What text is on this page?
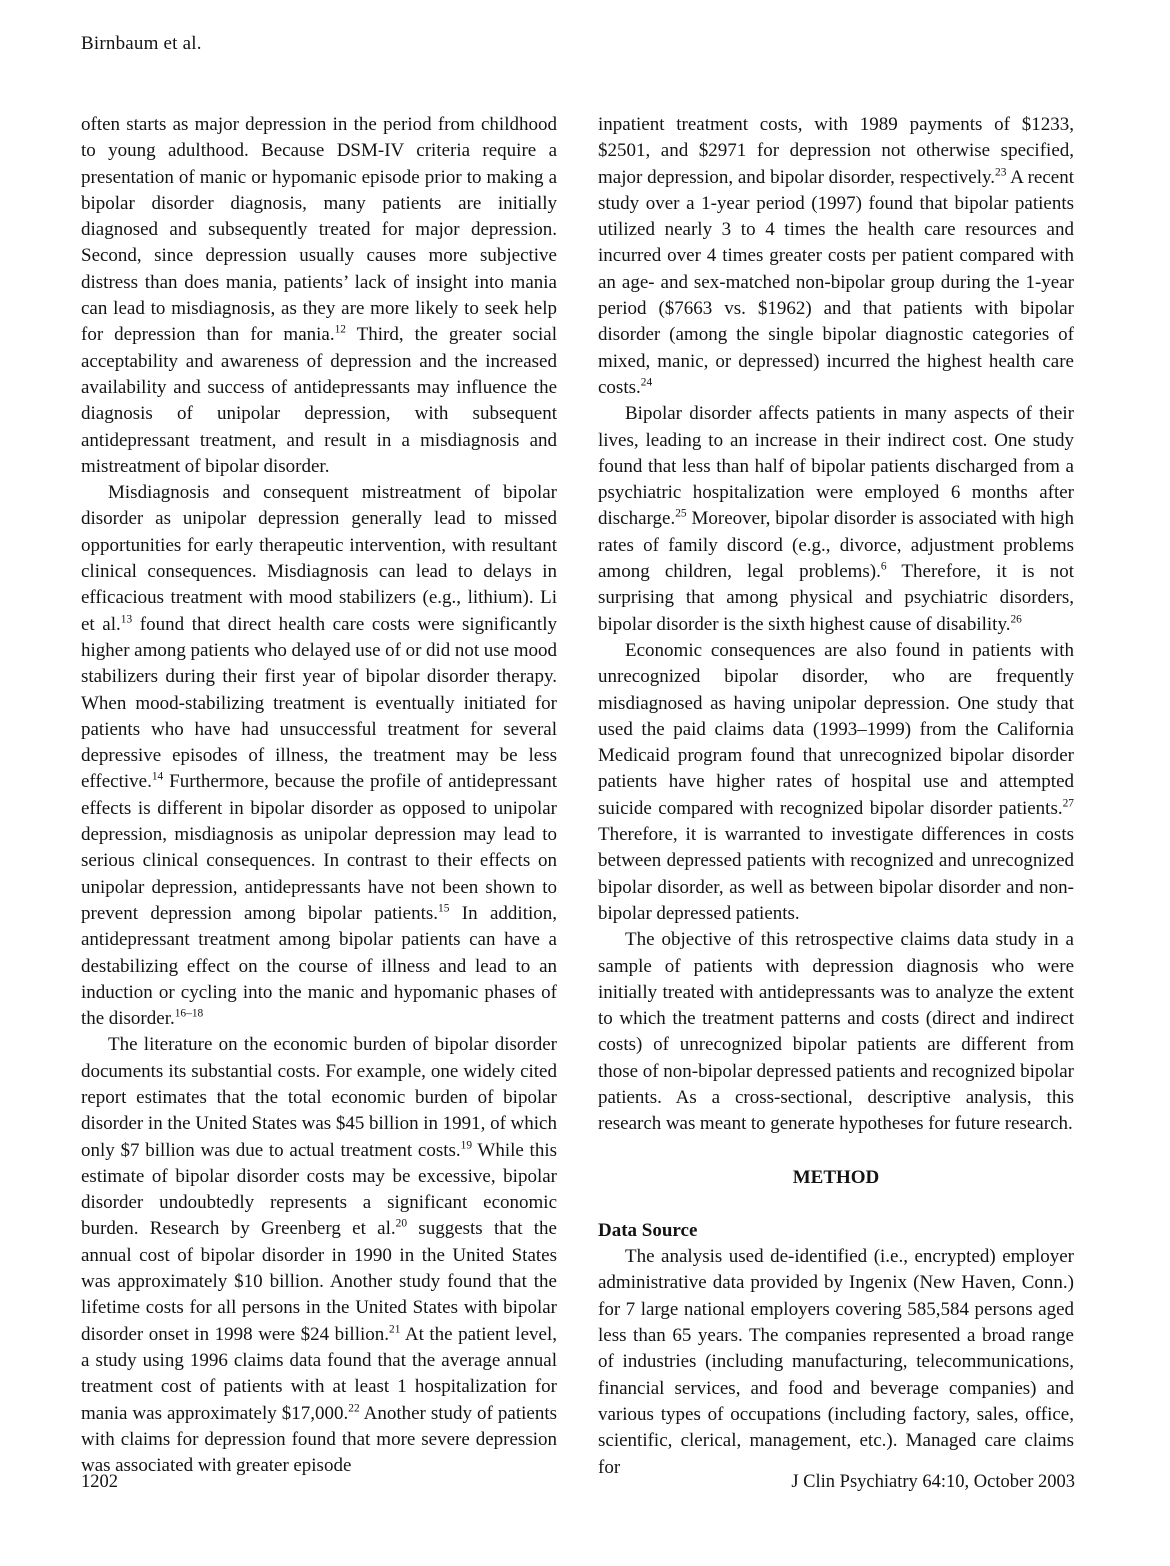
Birnbaum et al.

often starts as major depression in the period from childhood to young adulthood. Because DSM-IV criteria require a presentation of manic or hypomanic episode prior to making a bipolar disorder diagnosis, many patients are initially diagnosed and subsequently treated for major depression. Second, since depression usually causes more subjective distress than does mania, patients’ lack of insight into mania can lead to misdiagnosis, as they are more likely to seek help for depression than for mania.$^{12}$ Third, the greater social acceptability and awareness of depression and the increased availability and success of antidepressants may influence the diagnosis of unipolar depression, with subsequent antidepressant treatment, and result in a misdiagnosis and mistreatment of bipolar disorder.

Misdiagnosis and consequent mistreatment of bipolar disorder as unipolar depression generally lead to missed opportunities for early therapeutic intervention, with resultant clinical consequences. Misdiagnosis can lead to delays in efficacious treatment with mood stabilizers (e.g., lithium). Li et al.$^{13}$ found that direct health care costs were significantly higher among patients who delayed use of or did not use mood stabilizers during their first year of bipolar disorder therapy. When mood-stabilizing treatment is eventually initiated for patients who have had unsuccessful treatment for several depressive episodes of illness, the treatment may be less effective.$^{14}$ Furthermore, because the profile of antidepressant effects is different in bipolar disorder as opposed to unipolar depression, misdiagnosis as unipolar depression may lead to serious clinical consequences. In contrast to their effects on unipolar depression, antidepressants have not been shown to prevent depression among bipolar patients.$^{15}$ In addition, antidepressant treatment among bipolar patients can have a destabilizing effect on the course of illness and lead to an induction or cycling into the manic and hypomanic phases of the disorder.$^{16-18}$

The literature on the economic burden of bipolar disorder documents its substantial costs. For example, one widely cited report estimates that the total economic burden of bipolar disorder in the United States was $45 billion in 1991, of which only $7 billion was due to actual treatment costs.$^{19}$ While this estimate of bipolar disorder costs may be excessive, bipolar disorder undoubtedly represents a significant economic burden. Research by Greenberg et al.$^{20}$ suggests that the annual cost of bipolar disorder in 1990 in the United States was approximately $10 billion. Another study found that the lifetime costs for all persons in the United States with bipolar disorder onset in 1998 were $24 billion.$^{21}$ At the patient level, a study using 1996 claims data found that the average annual treatment cost of patients with at least 1 hospitalization for mania was approximately $17,000.22 Another study of patients with claims for depression found that more severe depression was associated with greater episode

inpatient treatment costs, with 1989 payments of $1233, $2501, and $2971 for depression not otherwise specified, major depression, and bipolar disorder, respectively.$^{23}$ A recent study over a 1-year period (1997) found that bipolar patients utilized nearly 3 to 4 times the health care resources and incurred over 4 times greater costs per patient compared with an age- and sex-matched non-bipolar group during the 1-year period ($7663 vs. $1962) and that patients with bipolar disorder (among the single bipolar diagnostic categories of mixed, manic, or depressed) incurred the highest health care costs.$^{24}$

Bipolar disorder affects patients in many aspects of their lives, leading to an increase in their indirect cost. One study found that less than half of bipolar patients discharged from a psychiatric hospitalization were employed 6 months after discharge.$^{25}$ Moreover, bipolar disorder is associated with high rates of family discord (e.g., divorce, adjustment problems among children, legal problems).$^6$ Therefore, it is not surprising that among physical and psychiatric disorders, bipolar disorder is the sixth highest cause of disability.$^{26}$

Economic consequences are also found in patients with unrecognized bipolar disorder, who are frequently misdiagnosed as having unipolar depression. One study that used the paid claims data (1993–1999) from the California Medicaid program found that unrecognized bipolar disorder patients have higher rates of hospital use and attempted suicide compared with recognized bipolar disorder patients.$^{27}$ Therefore, it is warranted to investigate differences in costs between depressed patients with recognized and unrecognized bipolar disorder, as well as between bipolar disorder and non-bipolar depressed patients.

The objective of this retrospective claims data study in a sample of patients with depression diagnosis who were initially treated with antidepressants was to analyze the extent to which the treatment patterns and costs (direct and indirect costs) of unrecognized bipolar patients are different from those of non-bipolar depressed patients and recognized bipolar patients. As a cross-sectional, descriptive analysis, this research was meant to generate hypotheses for future research.

METHOD
Data Source

The analysis used de-identified (i.e., encrypted) employer administrative data provided by Ingenix (New Haven, Conn.) for 7 large national employers covering 585,584 persons aged less than 65 years. The companies represented a broad range of industries (including manufacturing, telecommunications, financial services, and food and beverage companies) and various types of occupations (including factory, sales, office, scientific, clerical, management, etc.). Managed care claims for

1202	J Clin Psychiatry 64:10, October 2003
